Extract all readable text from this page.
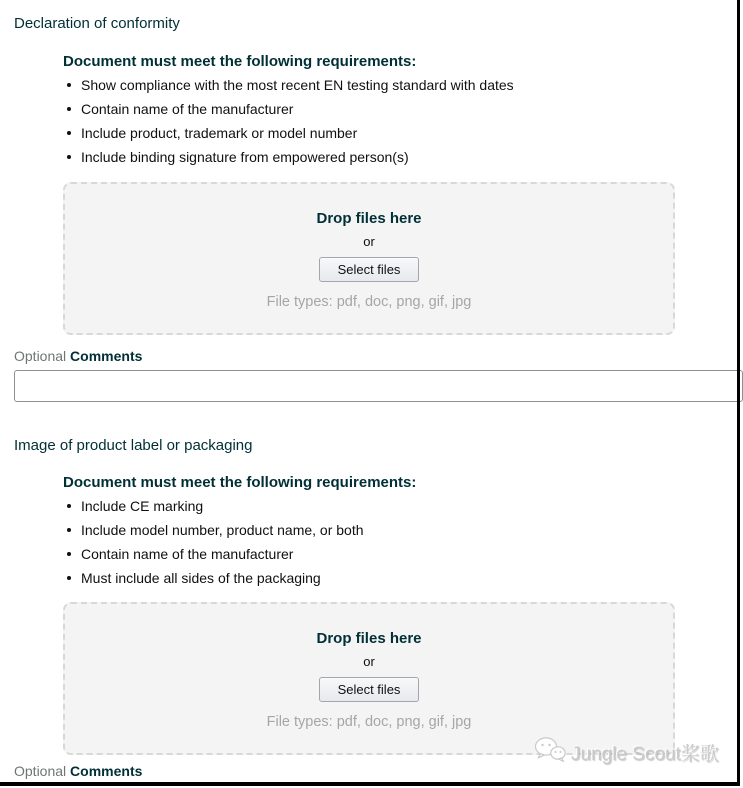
Declaration of conformity
Document must meet the following requirements:
Show compliance with the most recent EN testing standard with dates
Contain name of the manufacturer
Include product, trademark or model number
Include binding signature from empowered person(s)
Drop files here
or
Select files
File types: pdf, doc, png, gif, jpg
Optional Comments
Image of product label or packaging
Document must meet the following requirements:
Include CE marking
Include model number, product name, or both
Contain name of the manufacturer
Must include all sides of the packaging
Drop files here
or
Select files
File types: pdf, doc, png, gif, jpg
Optional Comments
Jungle Scout桨歌
